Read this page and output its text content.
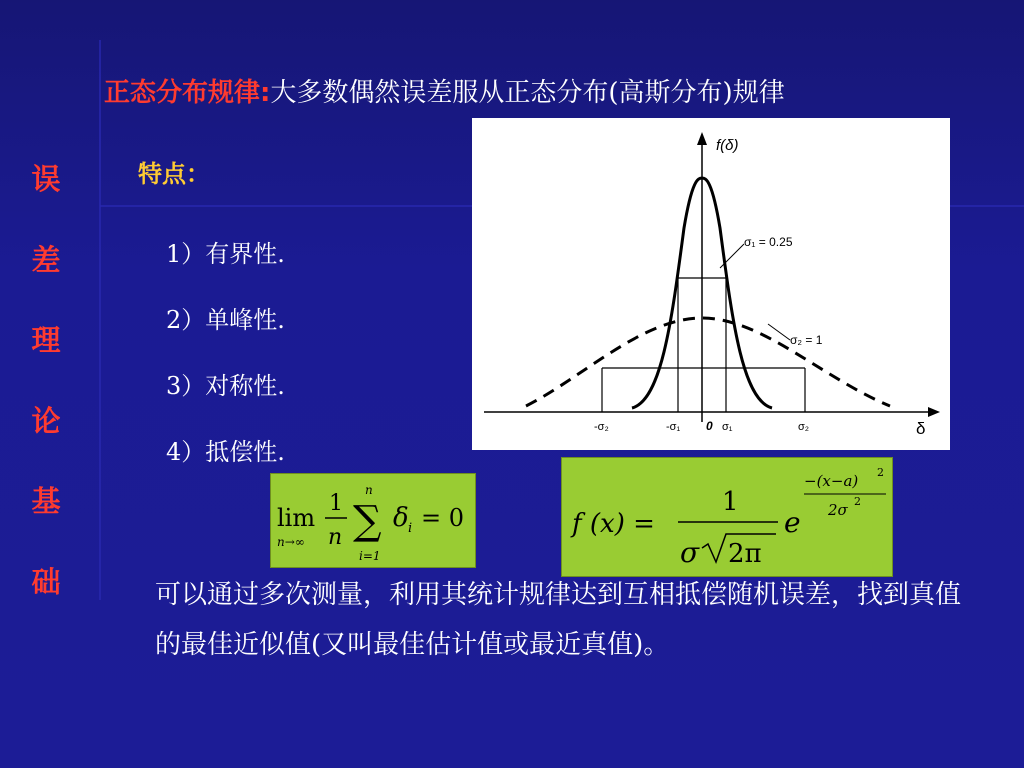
正态分布规律:大多数偶然误差服从正态分布(高斯分布)规律
误
差
理
论
基
础
特点：
1）有界性.
2）单峰性.
3）对称性.
4）抵偿性.
f(δ)
δ
σ₁ = 0.25
σ₂ = 1
-σ₂	-σ₁ 0 σ₁	σ₂
lim
n→∞
1
n
n
∑
i=1
δ i = 0	f (x) =
1
σ 2π
e
−(x−a) 2
2σ 2
可以通过多次测量，利用其统计规律达到互相抵偿随机误差，找到真值的最佳近似值(又叫最佳估计值或最近真值)。
